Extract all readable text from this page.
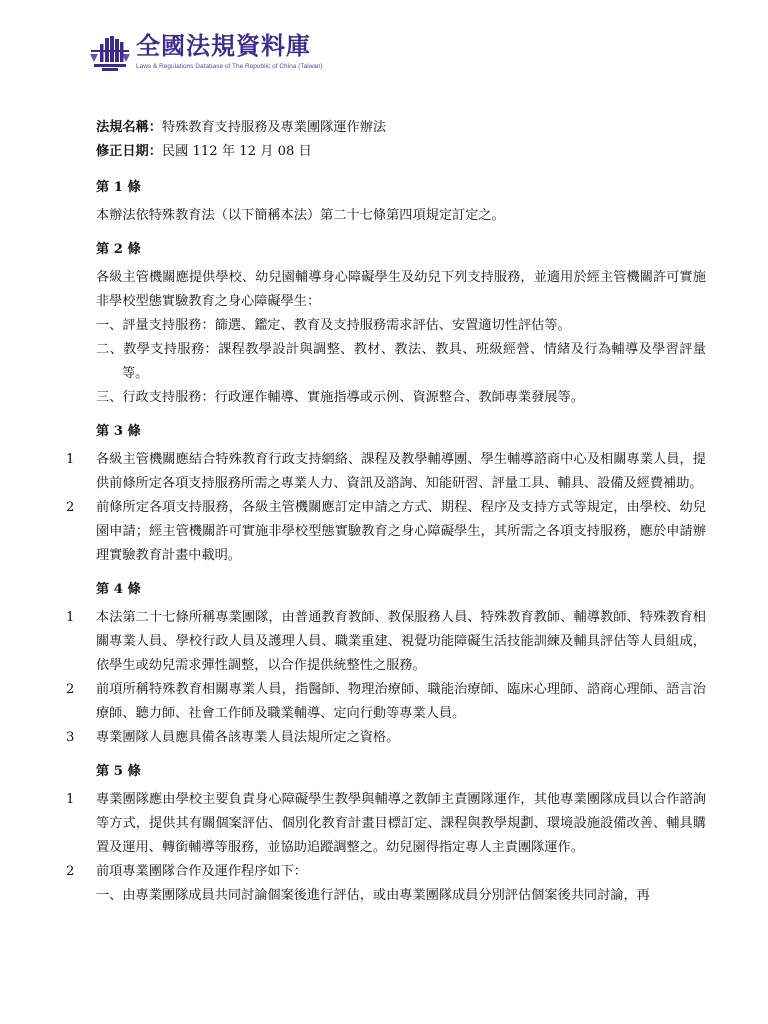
全國法規資料庫
Laws & Regulations Database of The Republic of China (Taiwan)
法規名稱：特殊教育支持服務及專業團隊運作辦法
修正日期：民國 112 年 12 月 08 日
第 1 條
本辦法依特殊教育法（以下簡稱本法）第二十七條第四項規定訂定之。
第 2 條
各級主管機關應提供學校、幼兒園輔導身心障礙學生及幼兒下列支持服務，並適用於經主管機關許可實施非學校型態實驗教育之身心障礙學生：
一、評量支持服務：篩選、鑑定、教育及支持服務需求評估、安置適切性評估等。
二、教學支持服務：課程教學設計與調整、教材、教法、教具、班級經營、情緒及行為輔導及學習評量等。
三、行政支持服務：行政運作輔導、實施指導或示例、資源整合、教師專業發展等。
第 3 條
1	各級主管機關應結合特殊教育行政支持網絡、課程及教學輔導團、學生輔導諮商中心及相關專業人員，提供前條所定各項支持服務所需之專業人力、資訊及諮詢、知能研習、評量工具、輔具、設備及經費補助。
2	前條所定各項支持服務，各級主管機關應訂定申請之方式、期程、程序及支持方式等規定，由學校、幼兒園申請；經主管機關許可實施非學校型態實驗教育之身心障礙學生，其所需之各項支持服務，應於申請辦理實驗教育計畫中載明。
第 4 條
1	本法第二十七條所稱專業團隊，由普通教育教師、教保服務人員、特殊教育教師、輔導教師、特殊教育相關專業人員、學校行政人員及護理人員、職業重建、視覺功能障礙生活技能訓練及輔具評估等人員組成，依學生或幼兒需求彈性調整，以合作提供統整性之服務。
2	前項所稱特殊教育相關專業人員，指醫師、物理治療師、職能治療師、臨床心理師、諮商心理師、語言治療師、聽力師、社會工作師及職業輔導、定向行動等專業人員。
3	專業團隊人員應具備各該專業人員法規所定之資格。
第 5 條
1	專業團隊應由學校主要負責身心障礙學生教學與輔導之教師主責團隊運作，其他專業團隊成員以合作諮詢等方式，提供其有關個案評估、個別化教育計畫目標訂定、課程與教學規劃、環境設施設備改善、輔具購置及運用、轉銜輔導等服務，並協助追蹤調整之。幼兒園得指定專人主責團隊運作。
2	前項專業團隊合作及運作程序如下：
一、由專業團隊成員共同討論個案後進行評估，或由專業團隊成員分別評估個案後共同討論，再
